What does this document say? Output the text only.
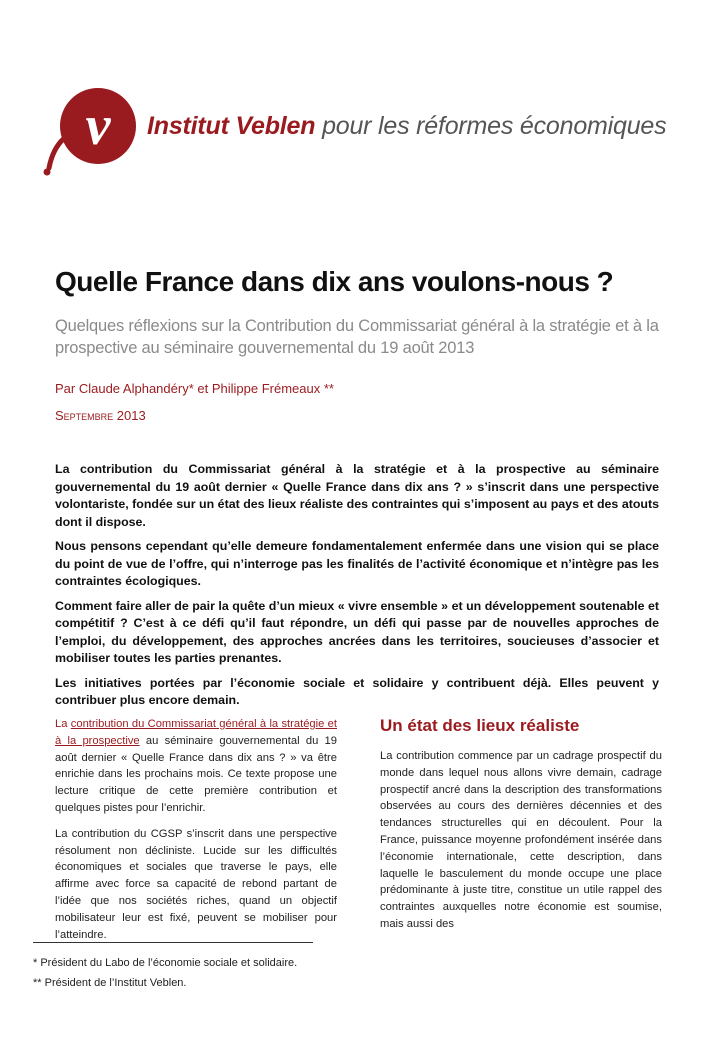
v Institut Veblen pour les réformes économiques
Quelle France dans dix ans voulons-nous ?

Quelques réflexions sur la Contribution du Commissariat général à la stratégie et à la prospective au séminaire gouvernemental du 19 août 2013

Par Claude Alphandéry* et Philippe Frémeaux **
Septembre 2013

La contribution du Commissariat général à la stratégie et à la prospective au séminaire gouvernemental du 19 août dernier « Quelle France dans dix ans ? » s’inscrit dans une perspective volontariste, fondée sur un état des lieux réaliste des contraintes qui s’imposent au pays et des atouts dont il dispose.

Nous pensons cependant qu’elle demeure fondamentalement enfermée dans une vision qui se place du point de vue de l’offre, qui n’interroge pas les finalités de l’activité économique et n’intègre pas les contraintes écologiques.

Comment faire aller de pair la quête d’un mieux « vivre ensemble » et un développement soutenable et compétitif ? C’est à ce défi qu’il faut répondre, un défi qui passe par de nouvelles approches de l’emploi, du développement, des approches ancrées dans les territoires, soucieuses d’associer et mobiliser toutes les parties prenantes.

Les initiatives portées par l’économie sociale et solidaire y contribuent déjà. Elles peuvent y contribuer plus encore demain.

La contribution du Commissariat général à la stratégie et à la prospective au séminaire gouvernemental du 19 août dernier « Quelle France dans dix ans ? » va être enrichie dans les prochains mois. Ce texte propose une lecture critique de cette première contribution et quelques pistes pour l’enrichir.

La contribution du CGSP s’inscrit dans une perspective résolument non décliniste. Lucide sur les difficultés économiques et sociales que traverse le pays, elle affirme avec force sa capacité de rebond partant de l’idée que nos sociétés riches, quand un objectif mobilisateur leur est fixé, peuvent se mobiliser pour l’atteindre.

Un état des lieux réaliste

La contribution commence par un cadrage prospectif du monde dans lequel nous allons vivre demain, cadrage prospectif ancré dans la description des transformations observées au cours des dernières décennies et des tendances structurelles qui en découlent. Pour la France, puissance moyenne profondément insérée dans l’économie internationale, cette description, dans laquelle le basculement du monde occupe une place prédominante à juste titre, constitue un utile rappel des contraintes auxquelles notre économie est soumise, mais aussi des

* Président du Labo de l’économie sociale et solidaire.
** Président de l’Institut Veblen.
